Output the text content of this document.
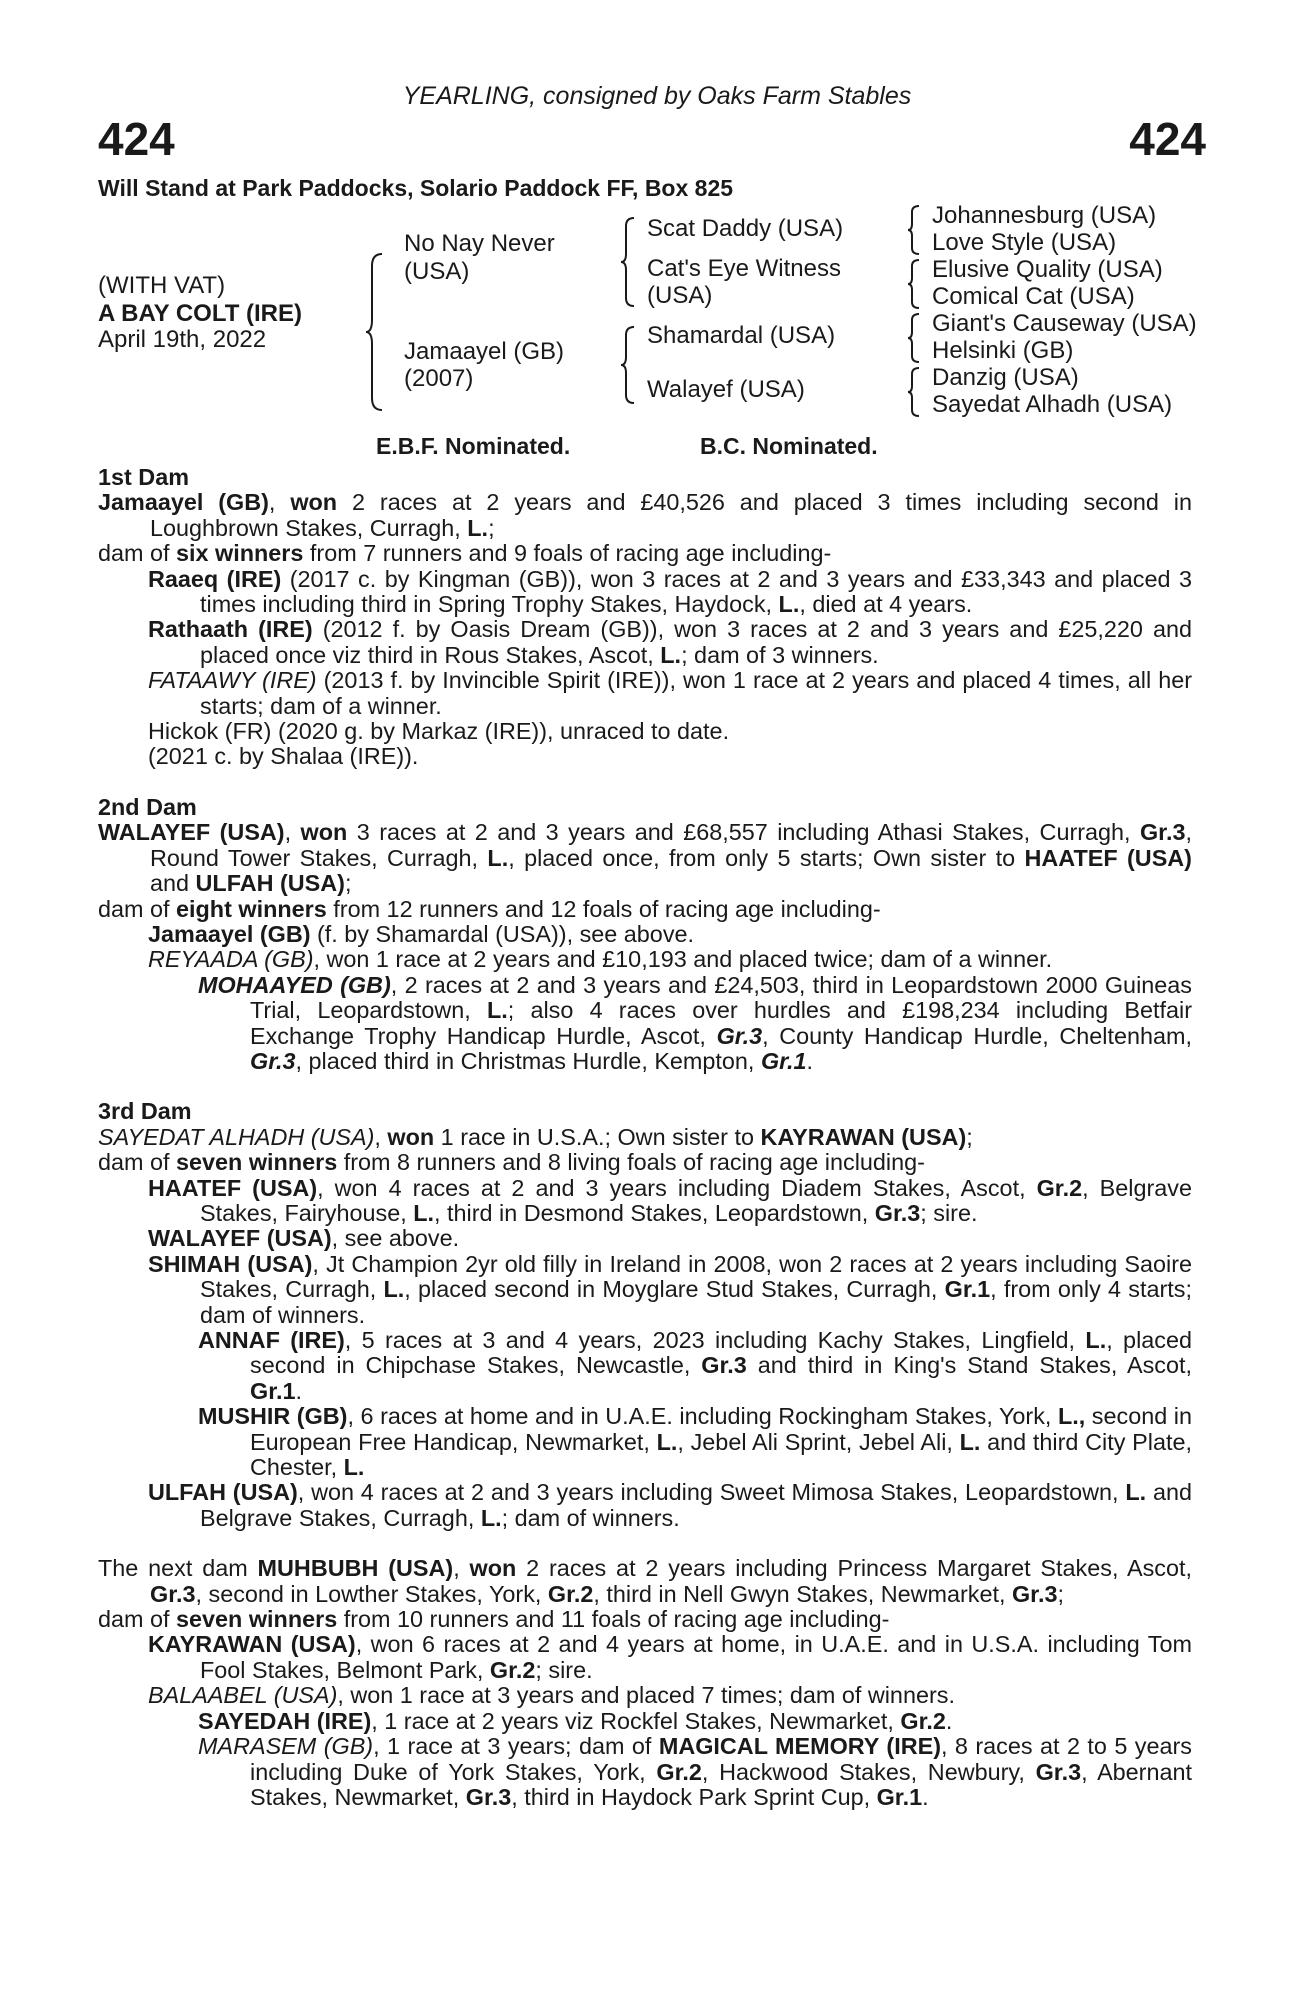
YEARLING, consigned by Oaks Farm Stables
424	424
Will Stand at Park Paddocks, Solario Paddock FF, Box 825
(WITH VAT)
A BAY COLT (IRE)
April 19th, 2022
No Nay Never
(USA)
Jamaayel (GB)
(2007)
Scat Daddy (USA)
Cat's Eye Witness
(USA)
Shamardal (USA)
Walayef (USA)
Johannesburg (USA)
Love Style (USA)
Elusive Quality (USA)
Comical Cat (USA)
Giant's Causeway (USA)
Helsinki (GB)
Danzig (USA)
Sayedat Alhadh (USA)
E.B.F. Nominated.	B.C. Nominated.

1st Dam

Jamaayel (GB), won 2 races at 2 years and £40,526 and placed 3 times including second in Loughbrown Stakes, Curragh, L.;

dam of six winners from 7 runners and 9 foals of racing age including-

Raaeq (IRE) (2017 c. by Kingman (GB)), won 3 races at 2 and 3 years and £33,343 and placed 3 times including third in Spring Trophy Stakes, Haydock, L., died at 4 years.

Rathaath (IRE) (2012 f. by Oasis Dream (GB)), won 3 races at 2 and 3 years and £25,220 and placed once viz third in Rous Stakes, Ascot, L.; dam of 3 winners.

FATAAWY (IRE) (2013 f. by Invincible Spirit (IRE)), won 1 race at 2 years and placed 4 times, all her starts; dam of a winner.

Hickok (FR) (2020 g. by Markaz (IRE)), unraced to date.

(2021 c. by Shalaa (IRE)).

2nd Dam

WALAYEF (USA), won 3 races at 2 and 3 years and £68,557 including Athasi Stakes, Curragh, Gr.3, Round Tower Stakes, Curragh, L., placed once, from only 5 starts; Own sister to HAATEF (USA) and ULFAH (USA);

dam of eight winners from 12 runners and 12 foals of racing age including-

Jamaayel (GB) (f. by Shamardal (USA)), see above.

REYAADA (GB), won 1 race at 2 years and £10,193 and placed twice; dam of a winner.

MOHAAYED (GB), 2 races at 2 and 3 years and £24,503, third in Leopardstown 2000 Guineas Trial, Leopardstown, L.; also 4 races over hurdles and £198,234 including Betfair Exchange Trophy Handicap Hurdle, Ascot, Gr.3, County Handicap Hurdle, Cheltenham, Gr.3, placed third in Christmas Hurdle, Kempton, Gr.1.

3rd Dam

SAYEDAT ALHADH (USA), won 1 race in U.S.A.; Own sister to KAYRAWAN (USA);

dam of seven winners from 8 runners and 8 living foals of racing age including-

HAATEF (USA), won 4 races at 2 and 3 years including Diadem Stakes, Ascot, Gr.2, Belgrave Stakes, Fairyhouse, L., third in Desmond Stakes, Leopardstown, Gr.3; sire.

WALAYEF (USA), see above.

SHIMAH (USA), Jt Champion 2yr old filly in Ireland in 2008, won 2 races at 2 years including Saoire Stakes, Curragh, L., placed second in Moyglare Stud Stakes, Curragh, Gr.1, from only 4 starts; dam of winners.

ANNAF (IRE), 5 races at 3 and 4 years, 2023 including Kachy Stakes, Lingfield, L., placed second in Chipchase Stakes, Newcastle, Gr.3 and third in King's Stand Stakes, Ascot, Gr.1.

MUSHIR (GB), 6 races at home and in U.A.E. including Rockingham Stakes, York, L., second in European Free Handicap, Newmarket, L., Jebel Ali Sprint, Jebel Ali, L. and third City Plate, Chester, L.

ULFAH (USA), won 4 races at 2 and 3 years including Sweet Mimosa Stakes, Leopardstown, L. and Belgrave Stakes, Curragh, L.; dam of winners.

The next dam MUHBUBH (USA), won 2 races at 2 years including Princess Margaret Stakes, Ascot, Gr.3, second in Lowther Stakes, York, Gr.2, third in Nell Gwyn Stakes, Newmarket, Gr.3;

dam of seven winners from 10 runners and 11 foals of racing age including-

KAYRAWAN (USA), won 6 races at 2 and 4 years at home, in U.A.E. and in U.S.A. including Tom Fool Stakes, Belmont Park, Gr.2; sire.

BALAABEL (USA), won 1 race at 3 years and placed 7 times; dam of winners.

SAYEDAH (IRE), 1 race at 2 years viz Rockfel Stakes, Newmarket, Gr.2.

MARASEM (GB), 1 race at 3 years; dam of MAGICAL MEMORY (IRE), 8 races at 2 to 5 years including Duke of York Stakes, York, Gr.2, Hackwood Stakes, Newbury, Gr.3, Abernant Stakes, Newmarket, Gr.3, third in Haydock Park Sprint Cup, Gr.1.
